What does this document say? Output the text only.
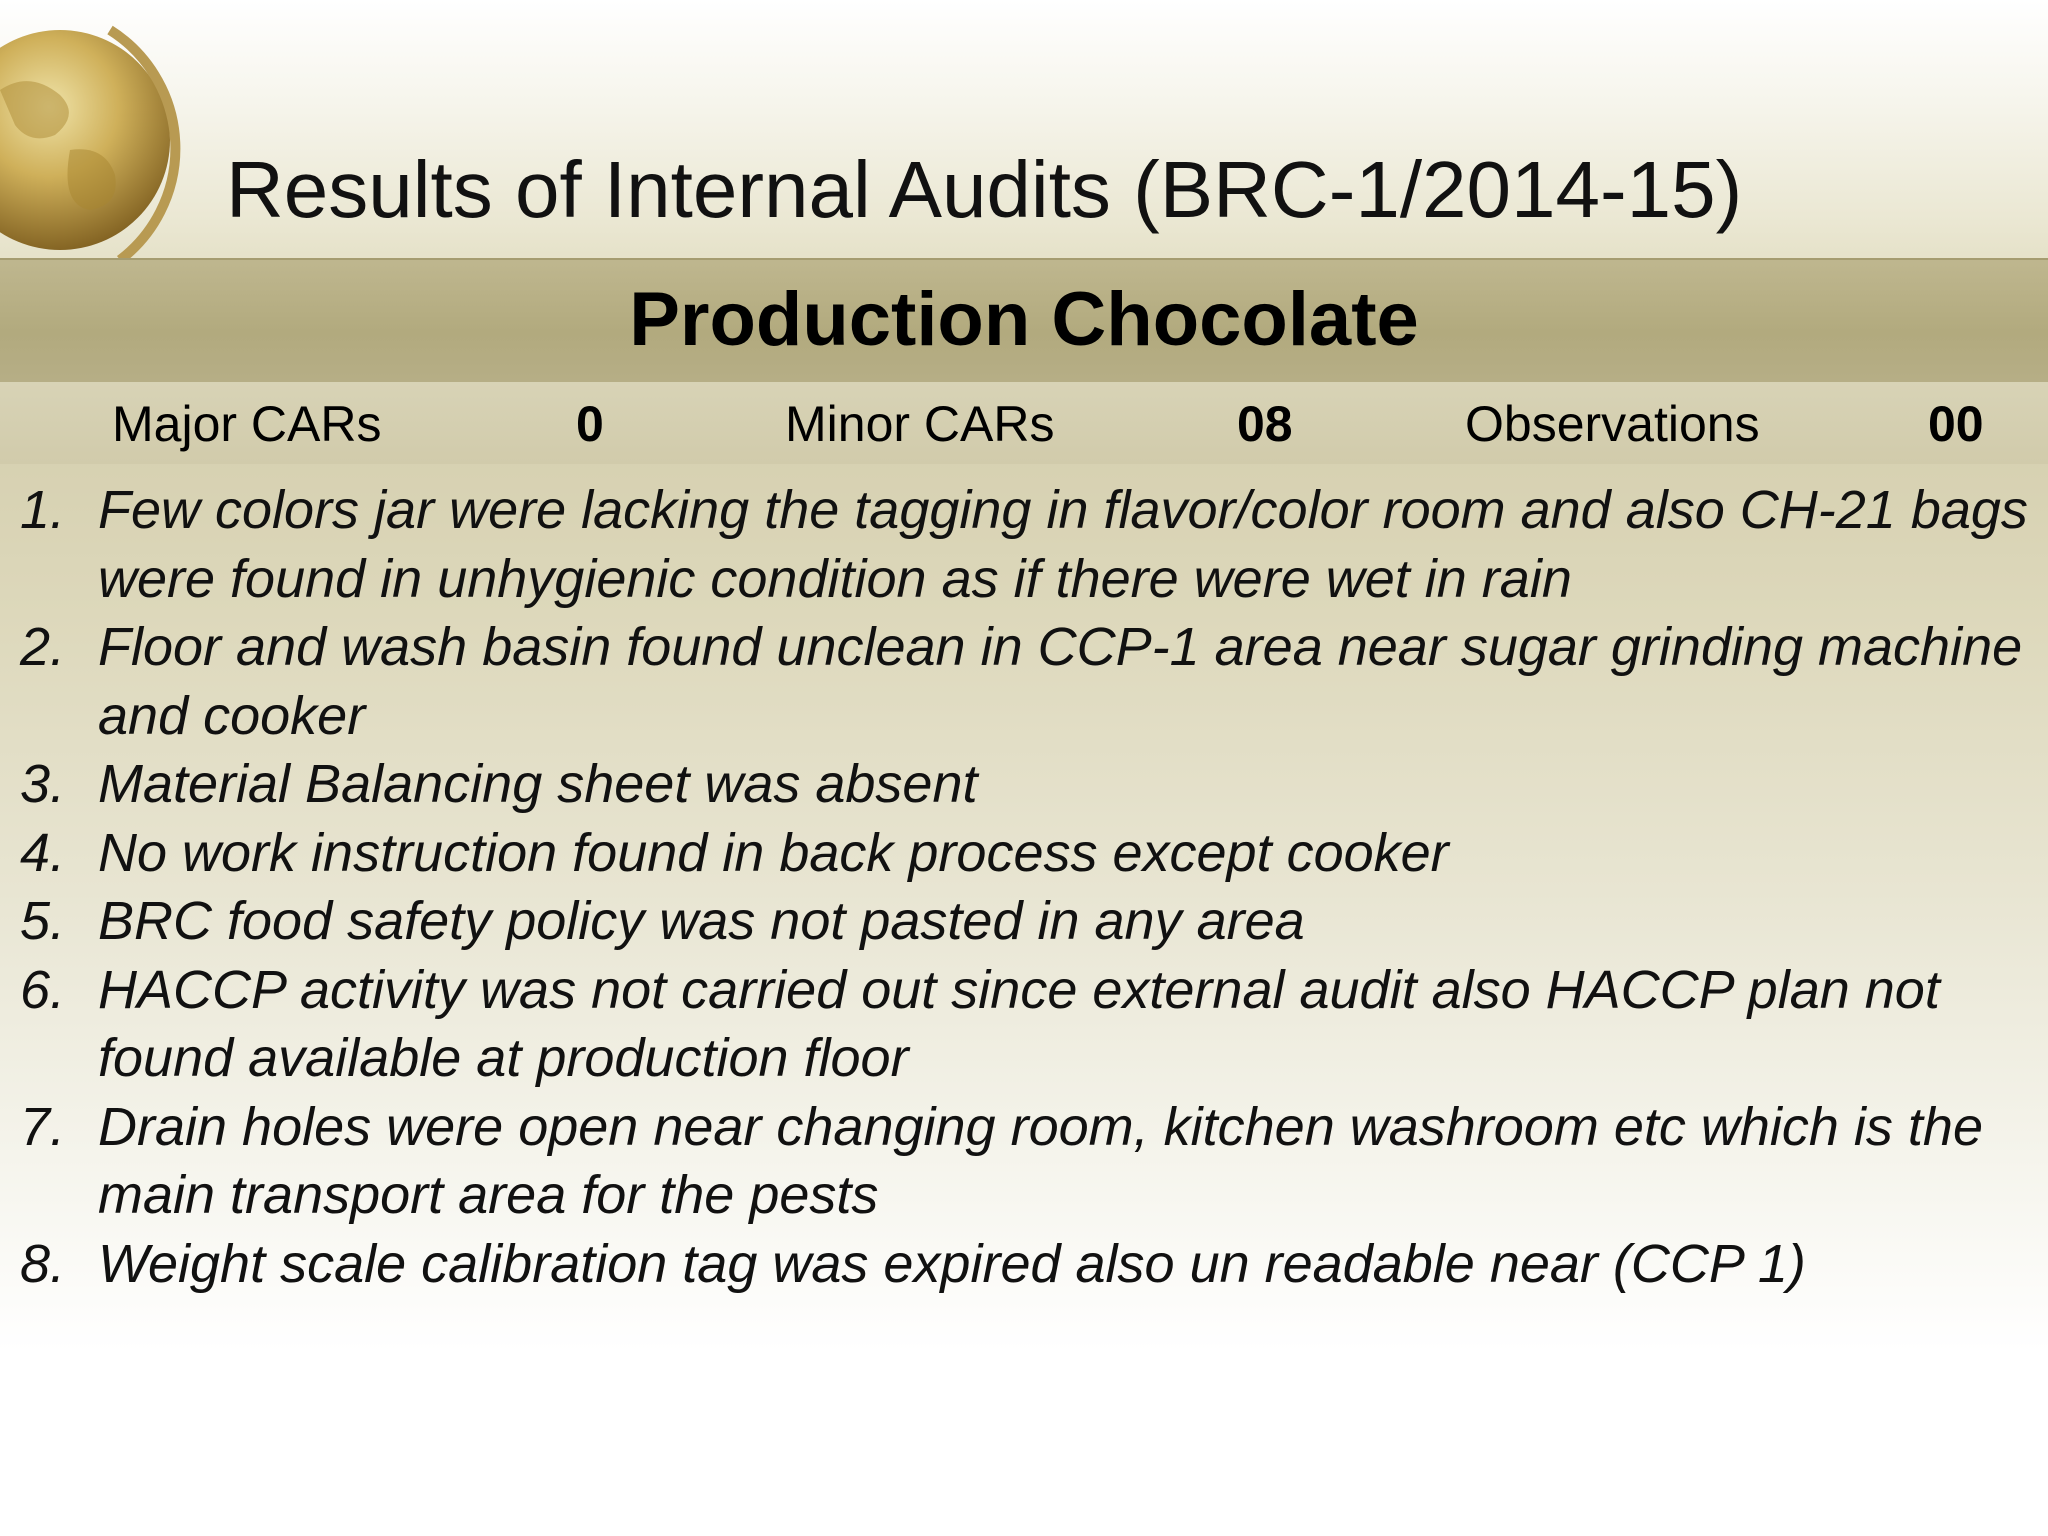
Results of Internal Audits (BRC-1/2014-15)
Production Chocolate
Major CARs	0	Minor CARs	08	Observations	00
1. Few colors jar were lacking the tagging in flavor/color room and also CH-21 bags were found in unhygienic condition as if there were wet in rain
2. Floor and wash basin found unclean in CCP-1 area near sugar grinding machine and cooker
3. Material Balancing sheet was absent
4. No work instruction found in back process except cooker
5. BRC food safety policy was not pasted in any area
6. HACCP activity was not carried out since external audit also HACCP plan not found available at production floor
7. Drain holes were open near changing room, kitchen washroom etc which is the main transport area for the pests
8. Weight scale calibration tag was expired also un readable near (CCP 1)
